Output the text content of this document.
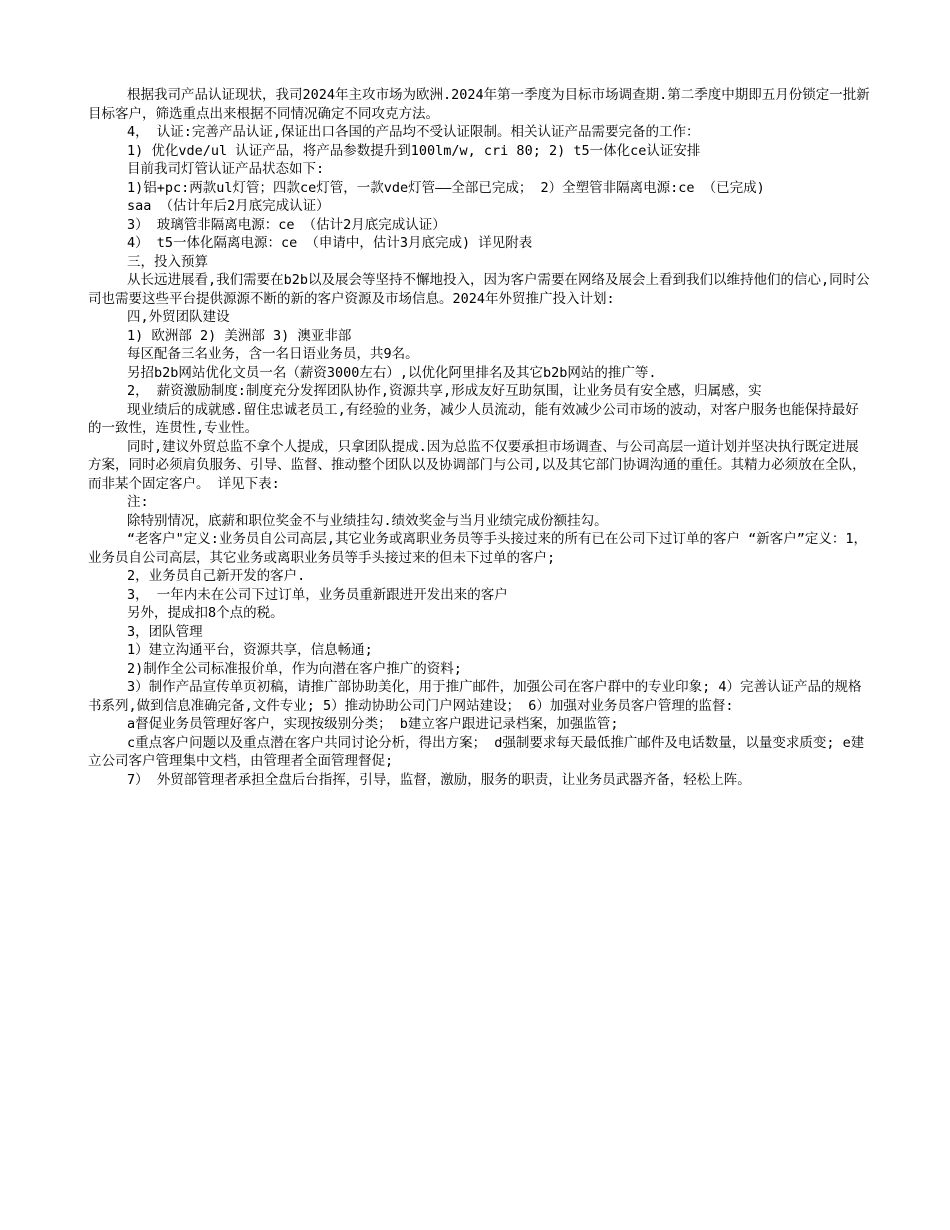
根据我司产品认证现状，我司2024年主攻市场为欧洲.2024年第一季度为目标市场调查期.第二季度中期即五月份锁定一批新目标客户，筛选重点出来根据不同情况确定不同攻克方法。

4， 认证:完善产品认证,保证出口各国的产品均不受认证限制。相关认证产品需要完备的工作：

1) 优化vde/ul 认证产品，将产品参数提升到100lm/w, cri 80; 2) t5一体化ce认证安排

目前我司灯管认证产品状态如下:

1)铝+pc:两款ul灯管；四款ce灯管，一款vde灯管——全部已完成； 2）全塑管非隔离电源:ce （已完成)

saa （估计年后2月底完成认证）

3） 玻璃管非隔离电源：ce （估计2月底完成认证）

4） t5一体化隔离电源：ce （申请中，估计3月底完成) 详见附表

三，投入预算

从长远进展看,我们需要在b2b以及展会等坚持不懈地投入，因为客户需要在网络及展会上看到我们以维持他们的信心,同时公司也需要这些平台提供源源不断的新的客户资源及市场信息。2024年外贸推广投入计划:

四,外贸团队建设

1) 欧洲部 2) 美洲部 3) 澳亚非部

每区配备三名业务，含一名日语业务员，共9名。

另招b2b网站优化文员一名（薪资3000左右）,以优化阿里排名及其它b2b网站的推广等.

2， 薪资激励制度:制度充分发挥团队协作,资源共享,形成友好互助氛围，让业务员有安全感，归属感，实

现业绩后的成就感.留住忠诚老员工,有经验的业务，减少人员流动，能有效减少公司市场的波动，对客户服务也能保持最好的一致性，连贯性,专业性。

同时,建议外贸总监不拿个人提成，只拿团队提成.因为总监不仅要承担市场调查、与公司高层一道计划并坚决执行既定进展方案，同时必须肩负服务、引导、监督、推动整个团队以及协调部门与公司,以及其它部门协调沟通的重任。其精力必须放在全队，而非某个固定客户。 详见下表:

注:

除特别情况，底薪和职位奖金不与业绩挂勾.绩效奖金与当月业绩完成份额挂勾。

“老客户"定义:业务员自公司高层,其它业务或离职业务员等手头接过来的所有已在公司下过订单的客户 “新客户”定义：1，业务员自公司高层，其它业务或离职业务员等手头接过来的但未下过单的客户;

2，业务员自己新开发的客户.

3， 一年内未在公司下过订单，业务员重新跟进开发出来的客户

另外，提成扣8个点的税。

3，团队管理

1）建立沟通平台，资源共享，信息畅通;

2)制作全公司标准报价单，作为向潜在客户推广的资料;

3）制作产品宣传单页初稿，请推广部协助美化，用于推广邮件，加强公司在客户群中的专业印象; 4）完善认证产品的规格书系列,做到信息准确完备,文件专业; 5）推动协助公司门户网站建设； 6）加强对业务员客户管理的监督:

a督促业务员管理好客户，实现按级别分类； b建立客户跟进记录档案，加强监管;

c重点客户问题以及重点潜在客户共同讨论分析，得出方案； d强制要求每天最低推广邮件及电话数量，以量变求质变; e建立公司客户管理集中文档，由管理者全面管理督促;

7） 外贸部管理者承担全盘后台指挥，引导，监督，激励，服务的职责，让业务员武器齐备，轻松上阵。
